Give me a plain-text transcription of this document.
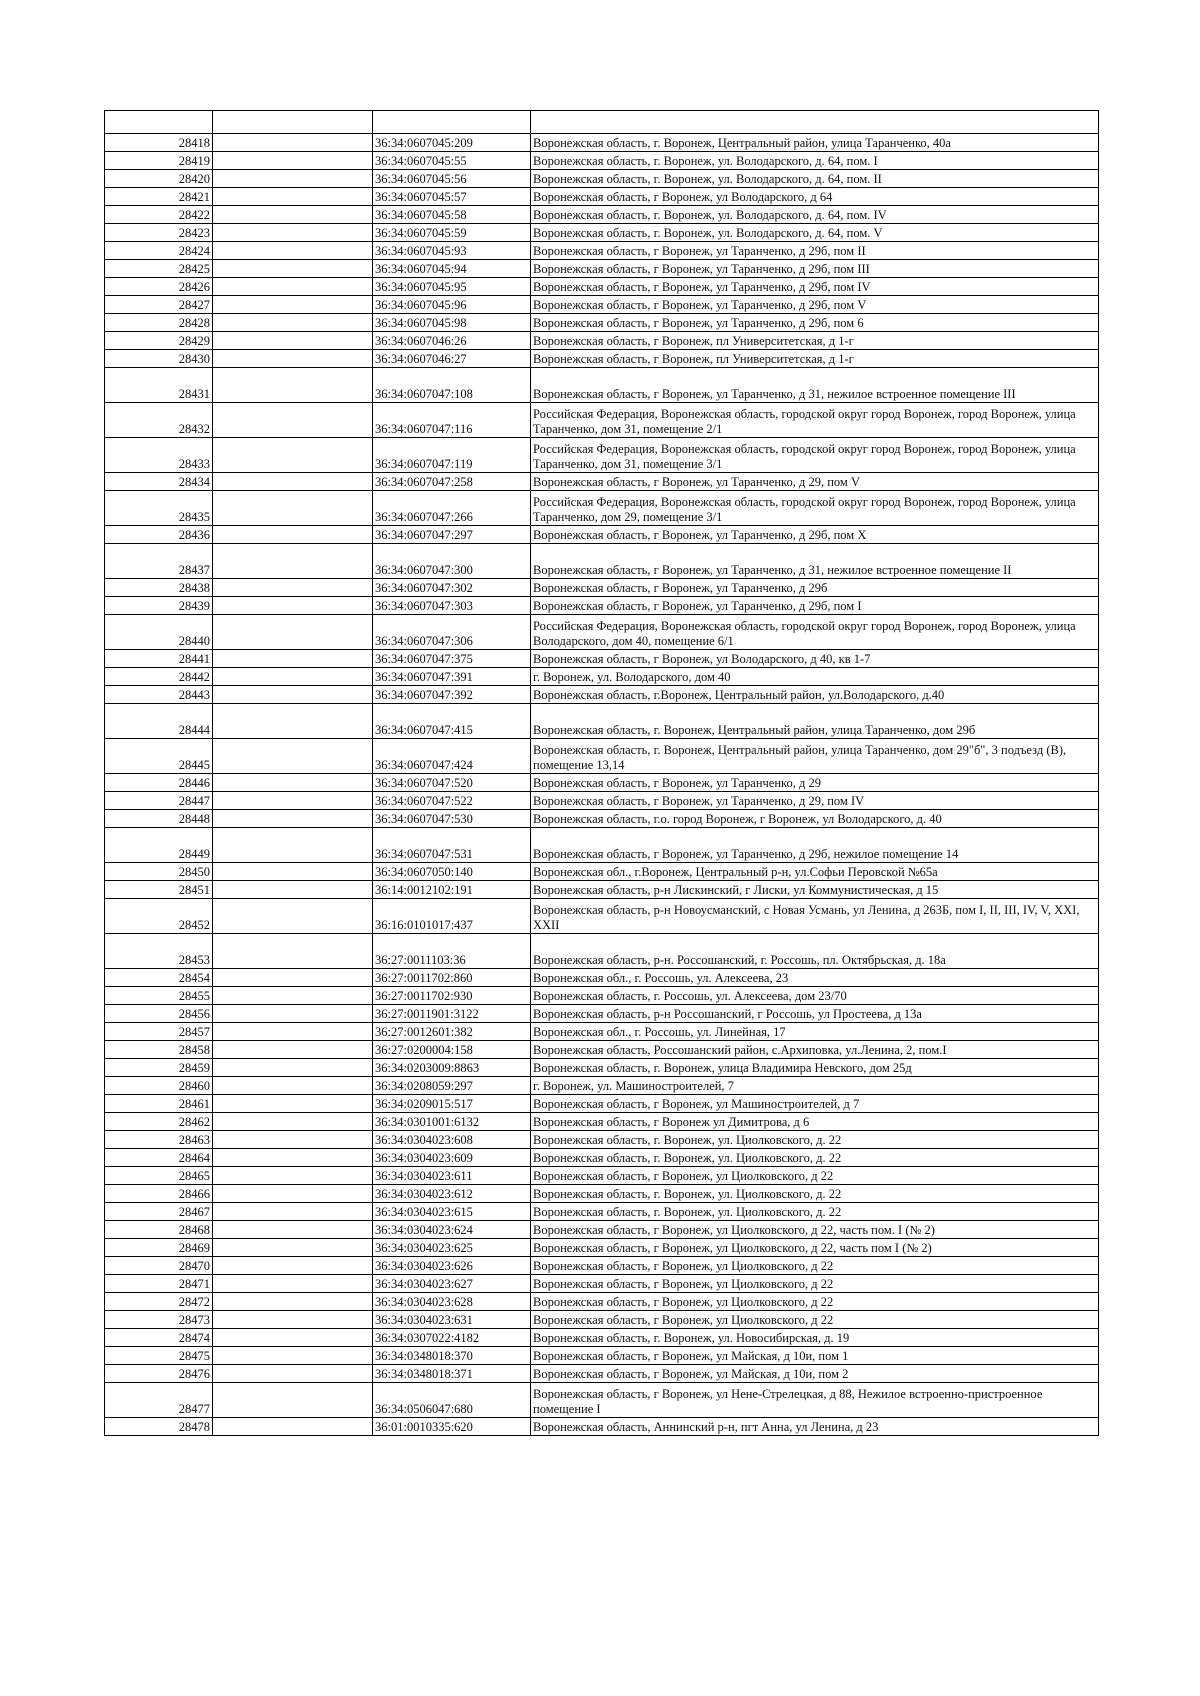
28418		36:34:0607045:209	Воронежская область, г. Воронеж, Центральный район, улица Таранченко, 40а
28419		36:34:0607045:55	Воронежская область, г. Воронеж, ул. Володарского, д. 64, пом. I
28420		36:34:0607045:56	Воронежская область, г. Воронеж, ул. Володарского, д. 64, пом. II
28421		36:34:0607045:57	Воронежская область, г Воронеж, ул Володарского, д 64
28422		36:34:0607045:58	Воронежская область, г. Воронеж, ул. Володарского, д. 64, пом. IV
28423		36:34:0607045:59	Воронежская область, г. Воронеж, ул. Володарского, д. 64, пом. V
28424		36:34:0607045:93	Воронежская область, г Воронеж, ул Таранченко, д 29б, пом II
28425		36:34:0607045:94	Воронежская область, г Воронеж, ул Таранченко, д 29б, пом III
28426		36:34:0607045:95	Воронежская область, г Воронеж, ул Таранченко, д 29б, пом IV
28427		36:34:0607045:96	Воронежская область, г Воронеж, ул Таранченко, д 29б, пом V
28428		36:34:0607045:98	Воронежская область, г Воронеж, ул Таранченко, д 29б, пом 6
28429		36:34:0607046:26	Воронежская область, г Воронеж, пл Университетская, д 1-г
28430		36:34:0607046:27	Воронежская область, г Воронеж, пл Университетская, д 1-г
28431		36:34:0607047:108	Воронежская область, г Воронеж, ул Таранченко, д 31, нежилое встроенное помещение III
28432		36:34:0607047:116	Российская Федерация, Воронежская область, городской округ город Воронеж, город Воронеж, улица Таранченко, дом 31, помещение 2/1
28433		36:34:0607047:119	Российская Федерация, Воронежская область, городской округ город Воронеж, город Воронеж, улица Таранченко, дом 31, помещение 3/1
28434		36:34:0607047:258	Воронежская область, г Воронеж, ул Таранченко, д 29, пом V
28435		36:34:0607047:266	Российская Федерация, Воронежская область, городской округ город Воронеж, город Воронеж, улица Таранченко, дом 29, помещение 3/1
28436		36:34:0607047:297	Воронежская область, г Воронеж, ул Таранченко, д 29б, пом X
28437		36:34:0607047:300	Воронежская область, г Воронеж, ул Таранченко, д 31, нежилое встроенное помещение II
28438		36:34:0607047:302	Воронежская область, г Воронеж, ул Таранченко, д 29б
28439		36:34:0607047:303	Воронежская область, г Воронеж, ул Таранченко, д 29б, пом I
28440		36:34:0607047:306	Российская Федерация, Воронежская область, городской округ город Воронеж, город Воронеж, улица Володарского, дом 40, помещение 6/1
28441		36:34:0607047:375	Воронежская область, г Воронеж, ул Володарского, д 40, кв 1-7
28442		36:34:0607047:391	г. Воронеж, ул. Володарского, дом 40
28443		36:34:0607047:392	Воронежская область, г.Воронеж, Центральный район, ул.Володарского, д.40
28444		36:34:0607047:415	Воронежская область, г. Воронеж, Центральный район, улица Таранченко, дом 29б
28445		36:34:0607047:424	Воронежская область, г. Воронеж, Центральный район, улица Таранченко, дом 29"б", 3 подъезд (В), помещение 13,14
28446		36:34:0607047:520	Воронежская область, г Воронеж, ул Таранченко, д 29
28447		36:34:0607047:522	Воронежская область, г Воронеж, ул Таранченко, д 29, пом IV
28448		36:34:0607047:530	Воронежская область, г.о. город Воронеж, г Воронеж, ул Володарского, д. 40
28449		36:34:0607047:531	Воронежская область, г Воронеж, ул Таранченко, д 29б, нежилое помещение 14
28450		36:34:0607050:140	Воронежская обл., г.Воронеж, Центральный р-н, ул.Софьи Перовской №65а
28451		36:14:0012102:191	Воронежская область, р-н Лискинский, г Лиски, ул Коммунистическая, д 15
28452		36:16:0101017:437	Воронежская область, р-н Новоусманский, с Новая Усмань, ул Ленина, д 263Б, пом I, II, III, IV, V, XXI, XXII
28453		36:27:0011103:36	Воронежская область, р-н. Россошанский, г. Россошь, пл. Октябрьская, д. 18а
28454		36:27:0011702:860	Воронежская обл., г. Россошь, ул. Алексеева, 23
28455		36:27:0011702:930	Воронежская область, г. Россошь, ул. Алексеева, дом 23/70
28456		36:27:0011901:3122	Воронежская область, р-н Россошанский, г Россошь, ул Простеева, д 13а
28457		36:27:0012601:382	Воронежская обл., г. Россошь, ул. Линейная, 17
28458		36:27:0200004:158	Воронежская область, Россошанский район, с.Архиповка, ул.Ленина, 2, пом.I
28459		36:34:0203009:8863	Воронежская область, г. Воронеж, улица Владимира Невского, дом 25д
28460		36:34:0208059:297	г. Воронеж, ул. Машиностроителей, 7
28461		36:34:0209015:517	Воронежская область, г Воронеж, ул Машиностроителей, д 7
28462		36:34:0301001:6132	Воронежская область, г Воронеж ул Димитрова, д 6
28463		36:34:0304023:608	Воронежская область, г. Воронеж, ул. Циолковского, д. 22
28464		36:34:0304023:609	Воронежская область, г. Воронеж, ул. Циолковского, д. 22
28465		36:34:0304023:611	Воронежская область, г Воронеж, ул Циолковского, д 22
28466		36:34:0304023:612	Воронежская область, г. Воронеж, ул. Циолковского, д. 22
28467		36:34:0304023:615	Воронежская область, г. Воронеж, ул. Циолковского, д. 22
28468		36:34:0304023:624	Воронежская область, г Воронеж, ул Циолковского, д 22, часть пом. I (№ 2)
28469		36:34:0304023:625	Воронежская область, г Воронеж, ул Циолковского, д 22, часть пом I (№ 2)
28470		36:34:0304023:626	Воронежская область, г Воронеж, ул Циолковского, д 22
28471		36:34:0304023:627	Воронежская область, г Воронеж, ул Циолковского, д 22
28472		36:34:0304023:628	Воронежская область, г Воронеж, ул Циолковского, д 22
28473		36:34:0304023:631	Воронежская область, г Воронеж, ул Циолковского, д 22
28474		36:34:0307022:4182	Воронежская область, г. Воронеж, ул. Новосибирская, д. 19
28475		36:34:0348018:370	Воронежская область, г Воронеж, ул Майская, д 10и, пом 1
28476		36:34:0348018:371	Воронежская область, г Воронеж, ул Майская, д 10и, пом 2
28477		36:34:0506047:680	Воронежская область, г Воронеж, ул Нене-Стрелецкая, д 88, Нежилое встроенно-пристроенное помещение I
28478		36:01:0010335:620	Воронежская область, Аннинский р-н, пгт Анна, ул Ленина, д 23
